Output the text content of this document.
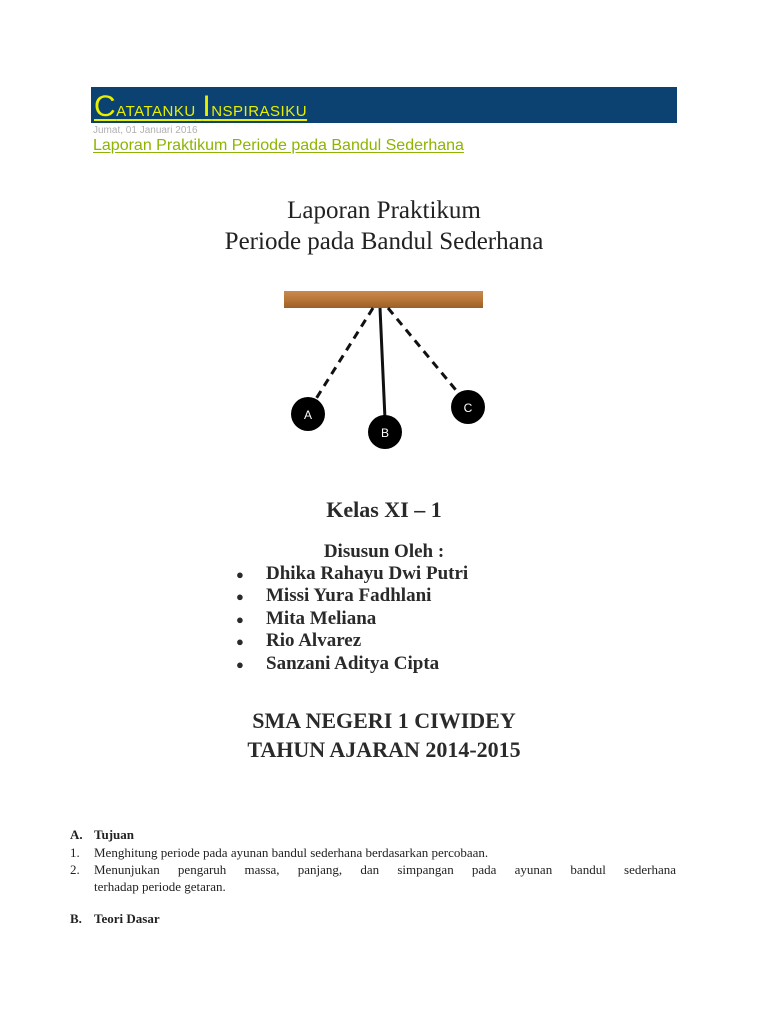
Catatanku Inspirasiku
Jumat, 01 Januari 2016
Laporan Praktikum Periode pada Bandul Sederhana
Laporan Praktikum
Periode pada Bandul Sederhana
A
B
C
Kelas XI – 1
Disusun Oleh :
● Dhika Rahayu Dwi Putri
● Missi Yura Fadhlani
● Mita Meliana
● Rio Alvarez
● Sanzani Aditya Cipta
SMA NEGERI 1 CIWIDEY
TAHUN AJARAN 2014-2015
A. Tujuan
1. Menghitung periode pada ayunan bandul sederhana berdasarkan percobaan.
2. Menunjukan pengaruh massa, panjang, dan simpangan pada ayunan bandul sederhana
terhadap periode getaran.
B. Teori Dasar
